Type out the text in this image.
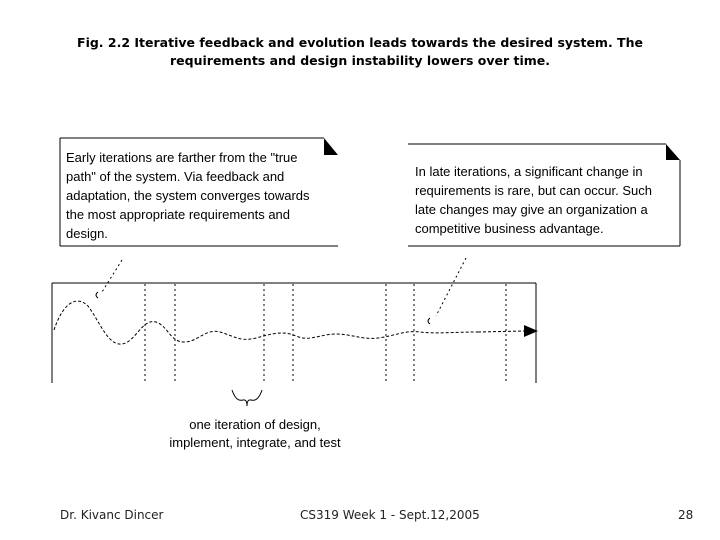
Fig. 2.2 Iterative feedback and evolution leads towards the desired system. The
requirements and design instability lowers over time.
Early iterations are farther from the "true
path" of the system. Via feedback and
adaptation, the system converges towards
the most appropriate requirements and
design.
In late iterations, a significant change in
requirements is rare, but can occur. Such
late changes may give an organization a
competitive business advantage.
one iteration of design,
implement, integrate, and test
Dr. Kivanc Dincer	CS319 Week 1 - Sept.12,2005	28
